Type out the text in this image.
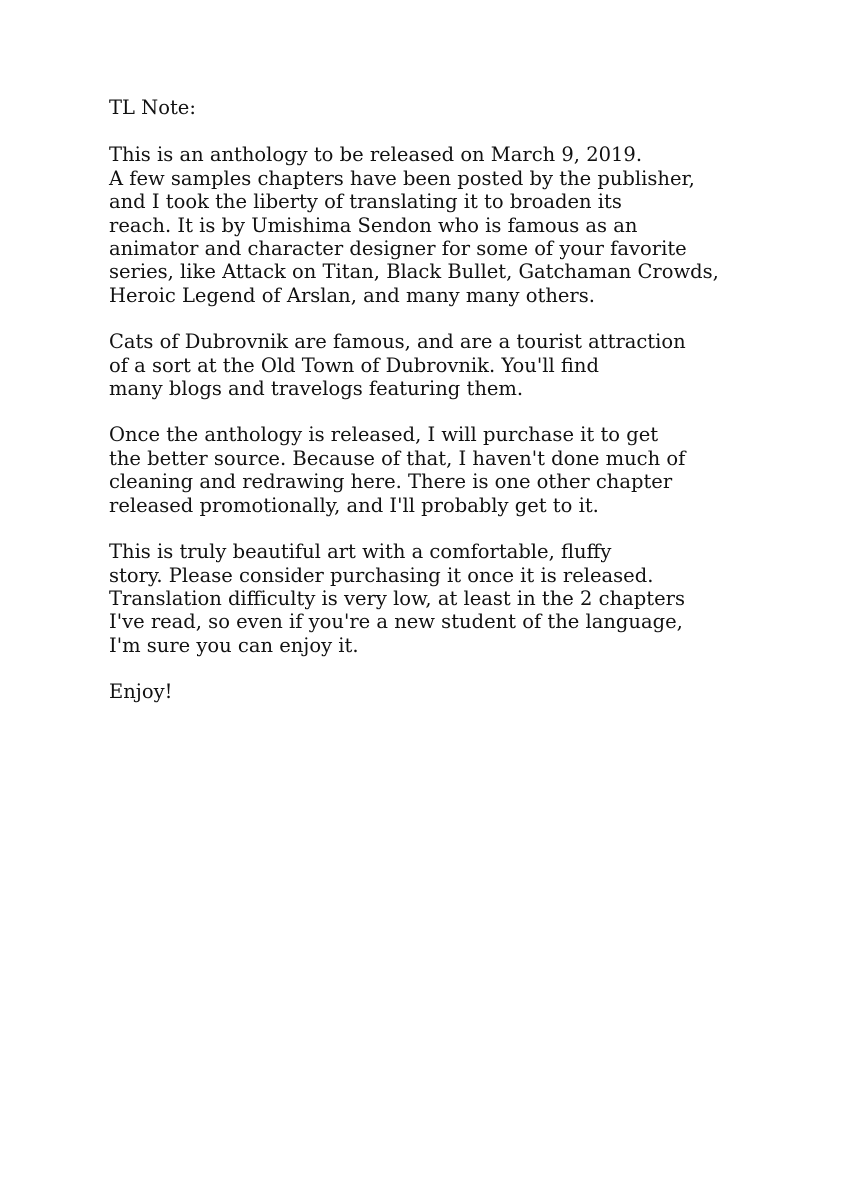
TL Note:
This is an anthology to be released on March 9, 2019.
A few samples chapters have been posted by the publisher,
and I took the liberty of translating it to broaden its
reach. It is by Umishima Sendon who is famous as an
animator and character designer for some of your favorite
series, like Attack on Titan, Black Bullet, Gatchaman Crowds,
Heroic Legend of Arslan, and many many others.
Cats of Dubrovnik are famous, and are a tourist attraction
of a sort at the Old Town of Dubrovnik. You'll find
many blogs and travelogs featuring them.
Once the anthology is released, I will purchase it to get
the better source. Because of that, I haven't done much of
cleaning and redrawing here. There is one other chapter
released promotionally, and I'll probably get to it.
This is truly beautiful art with a comfortable, fluffy
story. Please consider purchasing it once it is released.
Translation difficulty is very low, at least in the 2 chapters
I've read, so even if you're a new student of the language,
I'm sure you can enjoy it.
Enjoy!
